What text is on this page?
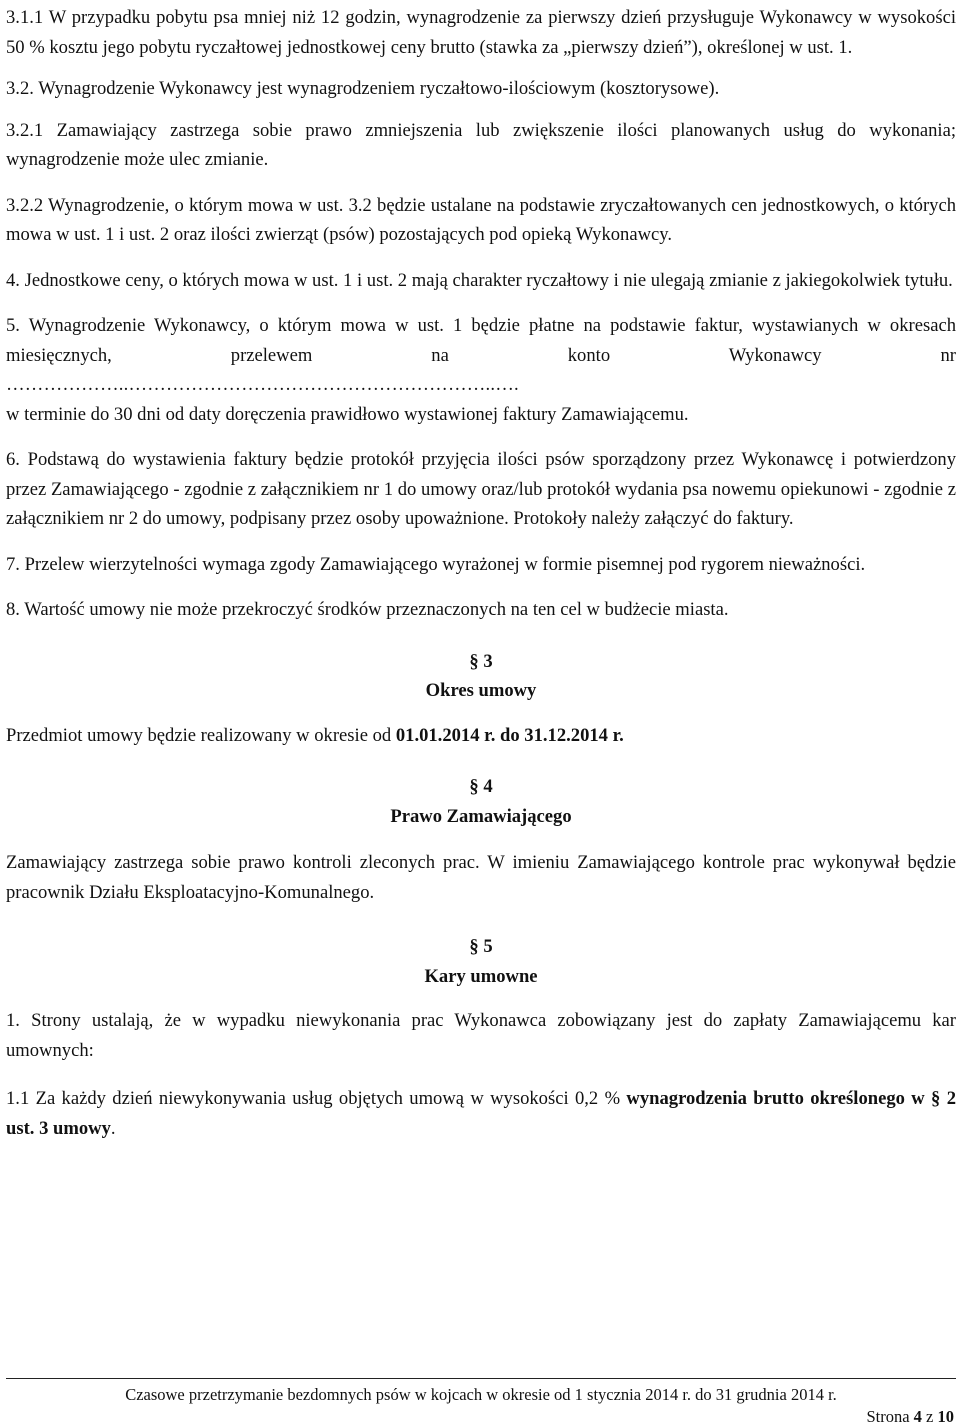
3.1.1 W przypadku pobytu psa mniej niż 12 godzin, wynagrodzenie za pierwszy dzień przysługuje Wykonawcy w wysokości 50 % kosztu jego pobytu ryczałtowej jednostkowej ceny brutto (stawka za „pierwszy dzień”), określonej w ust. 1.

3.2. Wynagrodzenie Wykonawcy jest wynagrodzeniem ryczałtowo-ilościowym (kosztorysowe).

3.2.1 Zamawiający zastrzega sobie prawo zmniejszenia lub zwiększenie ilości planowanych usług do wykonania; wynagrodzenie może ulec zmianie.

3.2.2 Wynagrodzenie, o którym mowa w ust. 3.2 będzie ustalane na podstawie zryczałtowanych cen jednostkowych, o których mowa w ust. 1 i ust. 2 oraz ilości zwierząt (psów) pozostających pod opieką Wykonawcy.

4. Jednostkowe ceny, o których mowa w ust. 1 i ust. 2 mają charakter ryczałtowy i nie ulegają zmianie z jakiegokolwiek tytułu.

5. Wynagrodzenie Wykonawcy, o którym mowa w ust. 1 będzie płatne na podstawie faktur, wystawianych w okresach miesięcznych, przelewem na konto Wykonawcy nr

………………..…………………………………………………..….

w terminie do 30 dni od daty doręczenia prawidłowo wystawionej faktury Zamawiającemu.

6. Podstawą do wystawienia faktury będzie protokół przyjęcia ilości psów sporządzony przez Wykonawcę i potwierdzony przez Zamawiającego - zgodnie z załącznikiem nr 1 do umowy oraz/lub protokół wydania psa nowemu opiekunowi - zgodnie z załącznikiem nr 2 do umowy, podpisany przez osoby upoważnione. Protokoły należy załączyć do faktury.

7. Przelew wierzytelności wymaga zgody Zamawiającego wyrażonej w formie pisemnej pod rygorem nieważności.

8. Wartość umowy nie może przekroczyć środków przeznaczonych na ten cel w budżecie miasta.

§ 3
Okres umowy

Przedmiot umowy będzie realizowany w okresie od 01.01.2014 r. do 31.12.2014 r.

§ 4
Prawo Zamawiającego

Zamawiający zastrzega sobie prawo kontroli zleconych prac. W imieniu Zamawiającego kontrole prac wykonywał będzie pracownik Działu Eksploatacyjno-Komunalnego.

§ 5
Kary umowne

1. Strony ustalają, że w wypadku niewykonania prac Wykonawca zobowiązany jest do zapłaty Zamawiającemu kar umownych:

1.1 Za każdy dzień niewykonywania usług objętych umową w wysokości 0,2 % wynagrodzenia brutto określonego w § 2 ust. 3 umowy.

Czasowe przetrzymanie bezdomnych psów w kojcach w okresie od 1 stycznia 2014 r. do 31 grudnia 2014 r.
Strona 4 z 10
